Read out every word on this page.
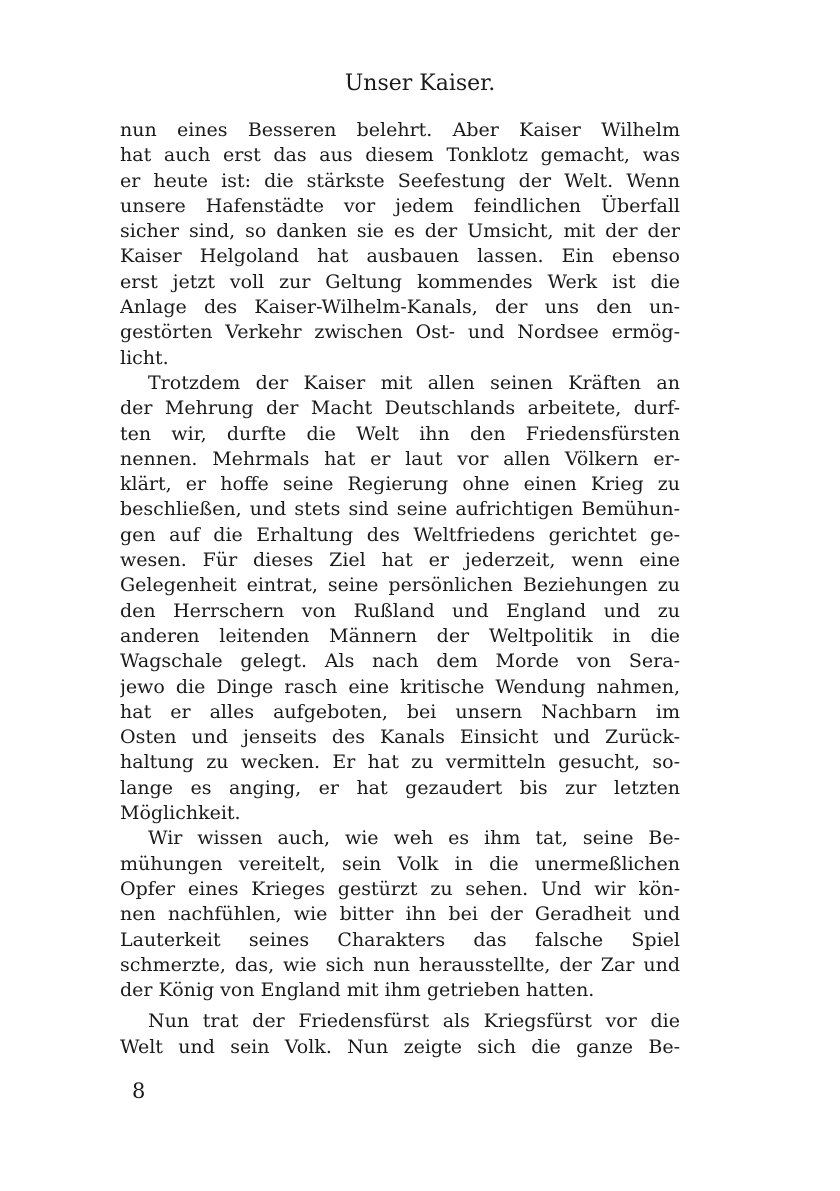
Unser Kaiser.
nun eines Besseren belehrt. Aber Kaiser Wilhelm
hat auch erst das aus diesem Tonklotz gemacht, was
er heute ist: die stärkste Seefestung der Welt. Wenn
unsere Hafenstädte vor jedem feindlichen Überfall
sicher sind, so danken sie es der Umsicht, mit der der
Kaiser Helgoland hat ausbauen lassen. Ein ebenso
erst jetzt voll zur Geltung kommendes Werk ist die
Anlage des Kaiser-Wilhelm-Kanals, der uns den un-
gestörten Verkehr zwischen Ost- und Nordsee ermög-
licht.
Trotzdem der Kaiser mit allen seinen Kräften an
der Mehrung der Macht Deutschlands arbeitete, durf-
ten wir, durfte die Welt ihn den Friedensfürsten
nennen. Mehrmals hat er laut vor allen Völkern er-
klärt, er hoffe seine Regierung ohne einen Krieg zu
beschließen, und stets sind seine aufrichtigen Bemühun-
gen auf die Erhaltung des Weltfriedens gerichtet ge-
wesen. Für dieses Ziel hat er jederzeit, wenn eine
Gelegenheit eintrat, seine persönlichen Beziehungen zu
den Herrschern von Rußland und England und zu
anderen leitenden Männern der Weltpolitik in die
Wagschale gelegt. Als nach dem Morde von Sera-
jewo die Dinge rasch eine kritische Wendung nahmen,
hat er alles aufgeboten, bei unsern Nachbarn im
Osten und jenseits des Kanals Einsicht und Zurück-
haltung zu wecken. Er hat zu vermitteln gesucht, so-
lange es anging, er hat gezaudert bis zur letzten
Möglichkeit.
Wir wissen auch, wie weh es ihm tat, seine Be-
mühungen vereitelt, sein Volk in die unermeßlichen
Opfer eines Krieges gestürzt zu sehen. Und wir kön-
nen nachfühlen, wie bitter ihn bei der Geradheit und
Lauterkeit seines Charakters das falsche Spiel
schmerzte, das, wie sich nun herausstellte, der Zar und
der König von England mit ihm getrieben hatten.
Nun trat der Friedensfürst als Kriegsfürst vor die
Welt und sein Volk. Nun zeigte sich die ganze Be-
8
